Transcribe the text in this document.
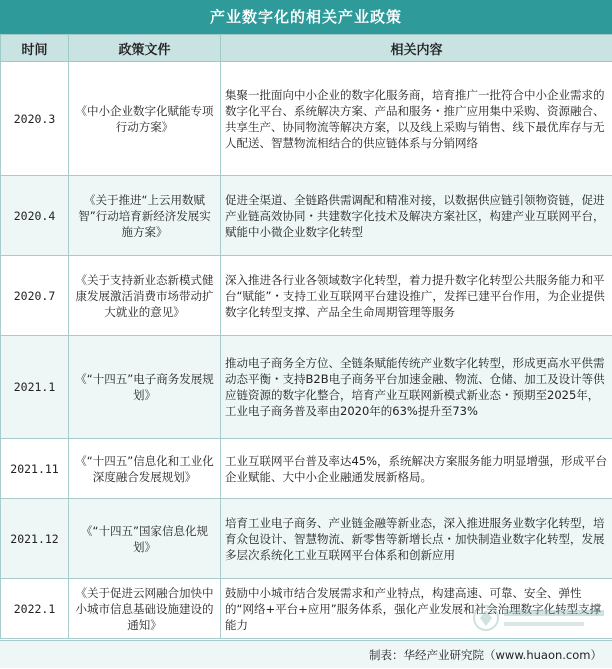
产业数字化的相关产业政策
时间	政策文件	相关内容
2020.3	《中小企业数字化赋能专项行动方案》	集聚一批面向中小企业的数字化服务商，培育推广一批符合中小企业需求的数字化平台、系统解决方案、产品和服务・推广应用集中采购、资源融合、共享生产、协同物流等解决方案，以及线上采购与销售、线下最优库存与无人配送、智慧物流相结合的供应链体系与分销网络
2020.4	《关于推进“上云用数赋智”行动培育新经济发展实施方案》	促进全渠道、全链路供需调配和精准对接，以数据供应链引领物资链，促进产业链高效协同・共建数字化技术及解决方案社区，构建产业互联网平台，赋能中小微企业数字化转型
2020.7	《关于支持新业态新模式健康发展激活消费市场带动扩大就业的意见》	深入推进各行业各领域数字化转型，着力提升数字化转型公共服务能力和平台“赋能”・支持工业互联网平台建设推广，发挥已建平台作用，为企业提供数字化转型支撑、产品全生命周期管理等服务
2021.1	《“十四五”电子商务发展规划》	推动电子商务全方位、全链条赋能传统产业数字化转型，形成更高水平供需动态平衡・支持B2B电子商务平台加速金融、物流、仓储、加工及设计等供应链资源的数字化整合，培育产业互联网新模式新业态・预期至2025年，工业电子商务普及率由2020年的63%提升至73%
2021.11	《“十四五”信息化和工业化深度融合发展规划》	工业互联网平台普及率达45%，系统解决方案服务能力明显增强，形成平台企业赋能、大中小企业融通发展新格局。
2021.12	《“十四五”国家信息化规划》	培育工业电子商务、产业链金融等新业态，深入推进服务业数字化转型，培育众包设计、智慧物流、新零售等新增长点・加快制造业数字化转型，发展多层次系统化工业互联网平台体系和创新应用
2022.1	《关于促进云网融合加快中小城市信息基础设施建设的通知》	鼓励中小城市结合发展需求和产业特点，构建高速、可靠、安全、弹性的“网络+平台+应用”服务体系，强化产业发展和社会治理数字化转型支撑能力
制表：华经产业研究院（www.huaon.com）
